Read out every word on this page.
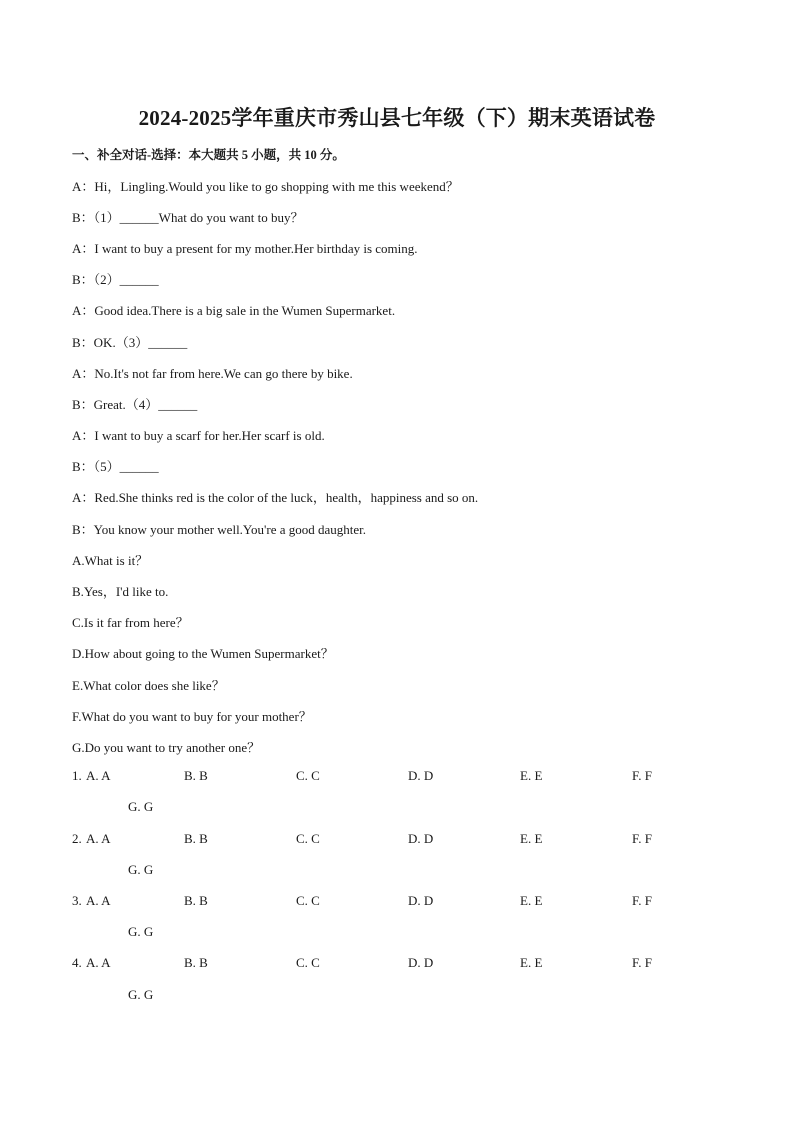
2024-2025学年重庆市秀山县七年级（下）期末英语试卷
一、补全对话-选择：本大题共 5 小题，共 10 分。
A：Hi，Lingling.Would you like to go shopping with me this weekend？
B：（1）______What do you want to buy？
A：I want to buy a present for my mother.Her birthday is coming.
B：（2）______
A：Good idea.There is a big sale in the Wumen Supermarket.
B：OK.（3）______
A：No.It's not far from here.We can go there by bike.
B：Great.（4）______
A：I want to buy a scarf for her.Her scarf is old.
B：（5）______
A：Red.She thinks red is the color of the luck，health，happiness and so on.
B：You know your mother well.You're a good daughter.
A.What is it？
B.Yes，I'd like to.
C.Is it far from here？
D.How about going to the Wumen Supermarket？
E.What color does she like？
F.What do you want to buy for your mother？
G.Do you want to try another one？
1. A. A	B. B	C. C	D. D	E. E	F. F
G. G
2. A. A	B. B	C. C	D. D	E. E	F. F
G. G
3. A. A	B. B	C. C	D. D	E. E	F. F
G. G
4. A. A	B. B	C. C	D. D	E. E	F. F
G. G
